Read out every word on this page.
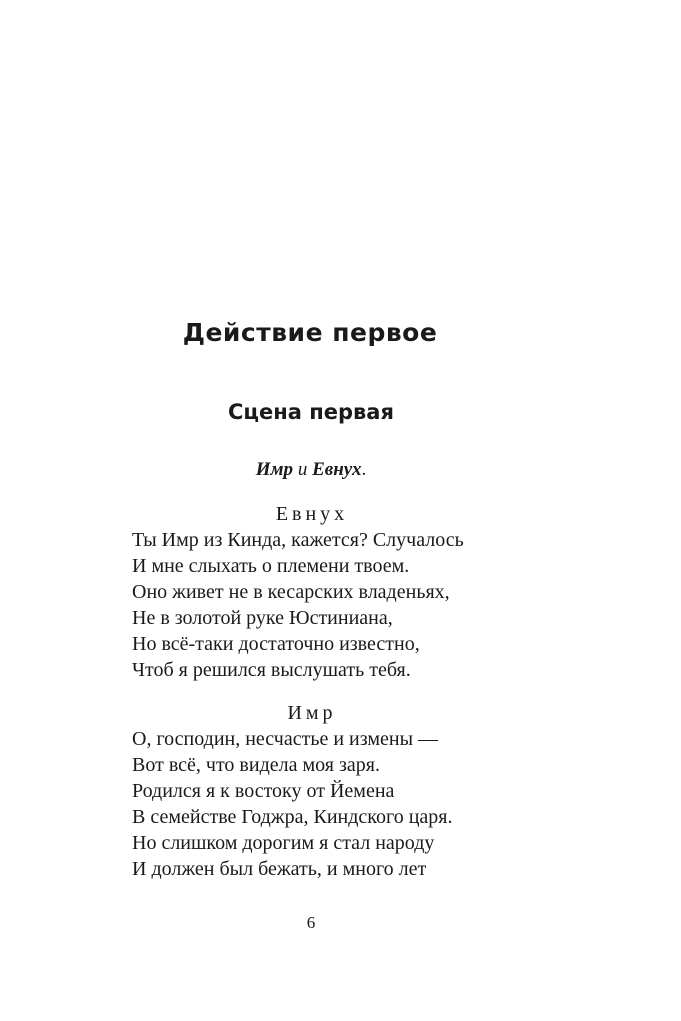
Действие первое
Сцена первая

Имр и Евнух.

Евнух
Ты Имр из Кинда, кажется? Случалось
И мне слыхать о племени твоем.
Оно живет не в кесарских владеньях,
Не в золотой руке Юстиниана,
Но всё-таки достаточно известно,
Чтоб я решился выслушать тебя.
Имр
О, господин, несчастье и измены —
Вот всё, что видела моя заря.
Родился я к востоку от Йемена
В семействе Годжра, Киндского царя.
Но слишком дорогим я стал народу
И должен был бежать, и много лет

6
